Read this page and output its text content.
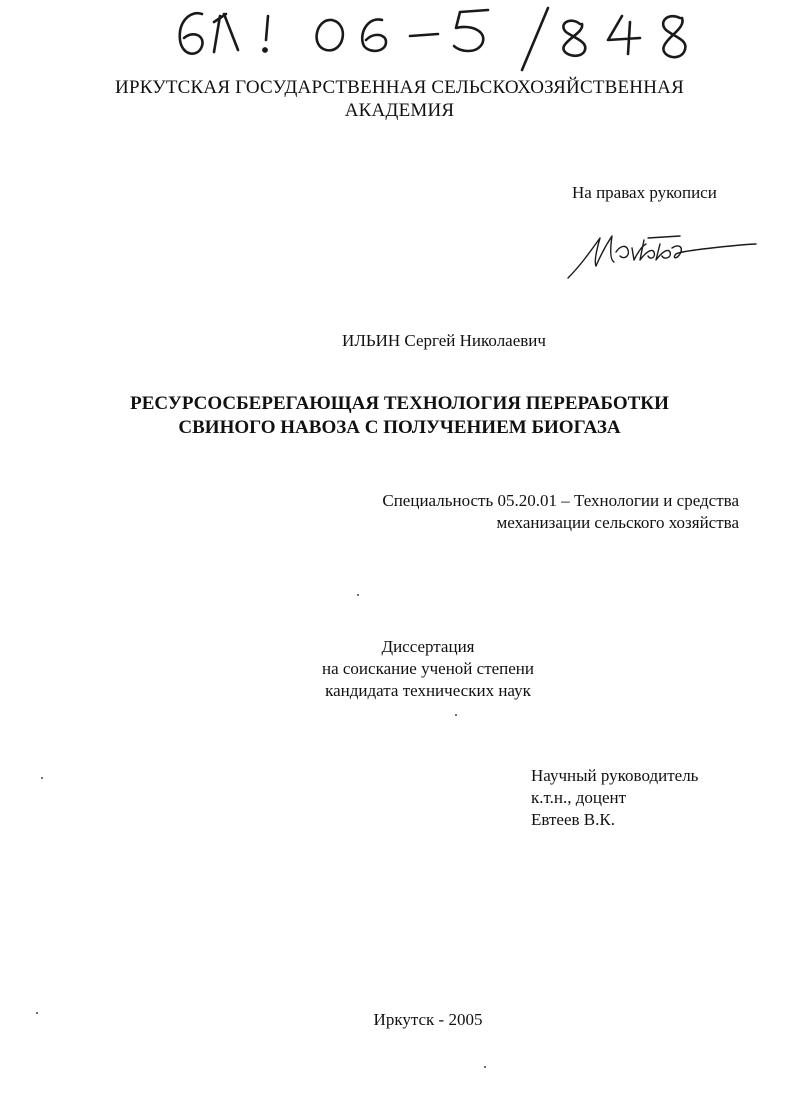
ИРКУТСКАЯ ГОСУДАРСТВЕННАЯ СЕЛЬСКОХОЗЯЙСТВЕННАЯ
АКАДЕМИЯ
На правах рукописи
ИЛЬИН Сергей Николаевич
РЕСУРСОСБЕРЕГАЮЩАЯ ТЕХНОЛОГИЯ ПЕРЕРАБОТКИ
СВИНОГО НАВОЗА С ПОЛУЧЕНИЕМ БИОГАЗА
Специальность 05.20.01 – Технологии и средства
механизации сельского хозяйства
Диссертация
на соискание ученой степени
кандидата технических наук
Научный руководитель
к.т.н., доцент
Евтеев В.К.
Иркутск - 2005
